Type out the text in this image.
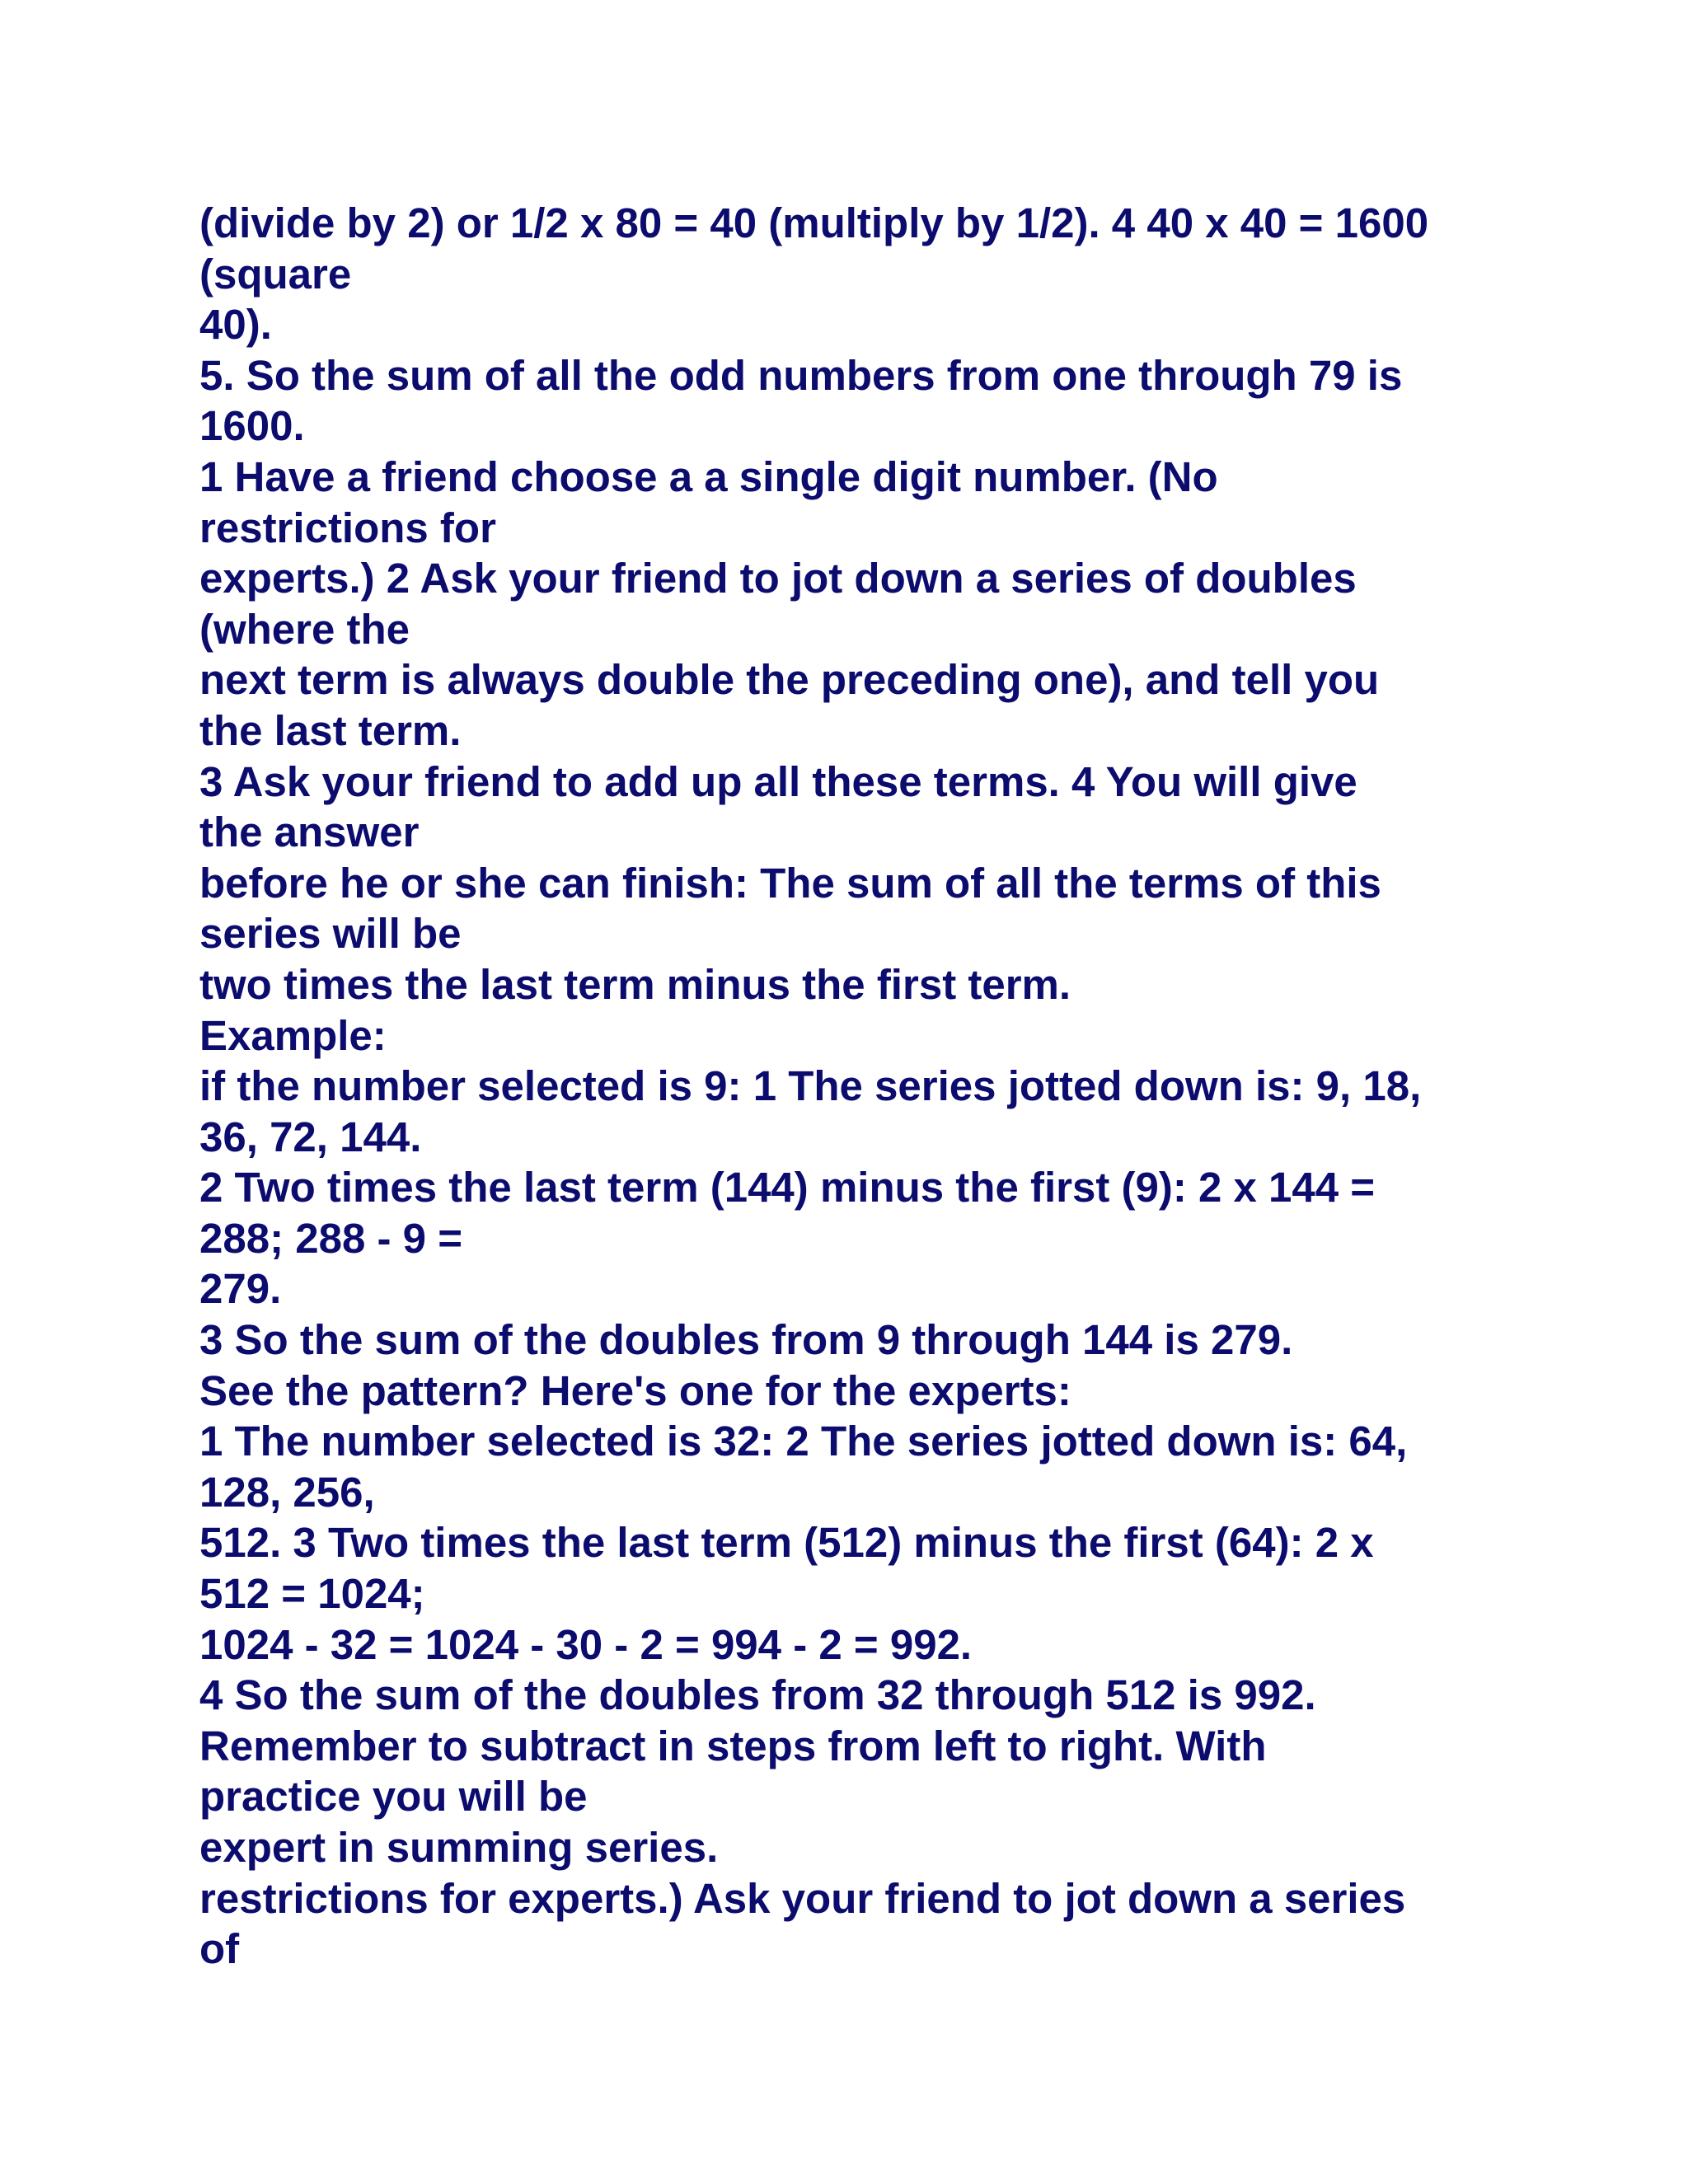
(divide by 2) or 1/2 x 80 = 40 (multiply by 1/2). 4 40 x 40 = 1600
(square
40).
5. So the sum of all the odd numbers from one through 79 is
1600.
1 Have a friend choose a a single digit number. (No
restrictions for
experts.) 2 Ask your friend to jot down a series of doubles
(where the
next term is always double the preceding one), and tell you
the last term.
3 Ask your friend to add up all these terms. 4 You will give
the answer
before he or she can finish: The sum of all the terms of this
series will be
two times the last term minus the first term.
Example:
if the number selected is 9: 1 The series jotted down is: 9, 18,
36, 72, 144.
2 Two times the last term (144) minus the first (9): 2 x 144 =
288; 288 - 9 =
279.
3 So the sum of the doubles from 9 through 144 is 279.
See the pattern? Here's one for the experts:
1 The number selected is 32: 2 The series jotted down is: 64,
128, 256,
512. 3 Two times the last term (512) minus the first (64): 2 x
512 = 1024;
1024 - 32 = 1024 - 30 - 2 = 994 - 2 = 992.
4 So the sum of the doubles from 32 through 512 is 992.
Remember to subtract in steps from left to right. With
practice you will be
expert in summing series.
restrictions for experts.) Ask your friend to jot down a series
of
